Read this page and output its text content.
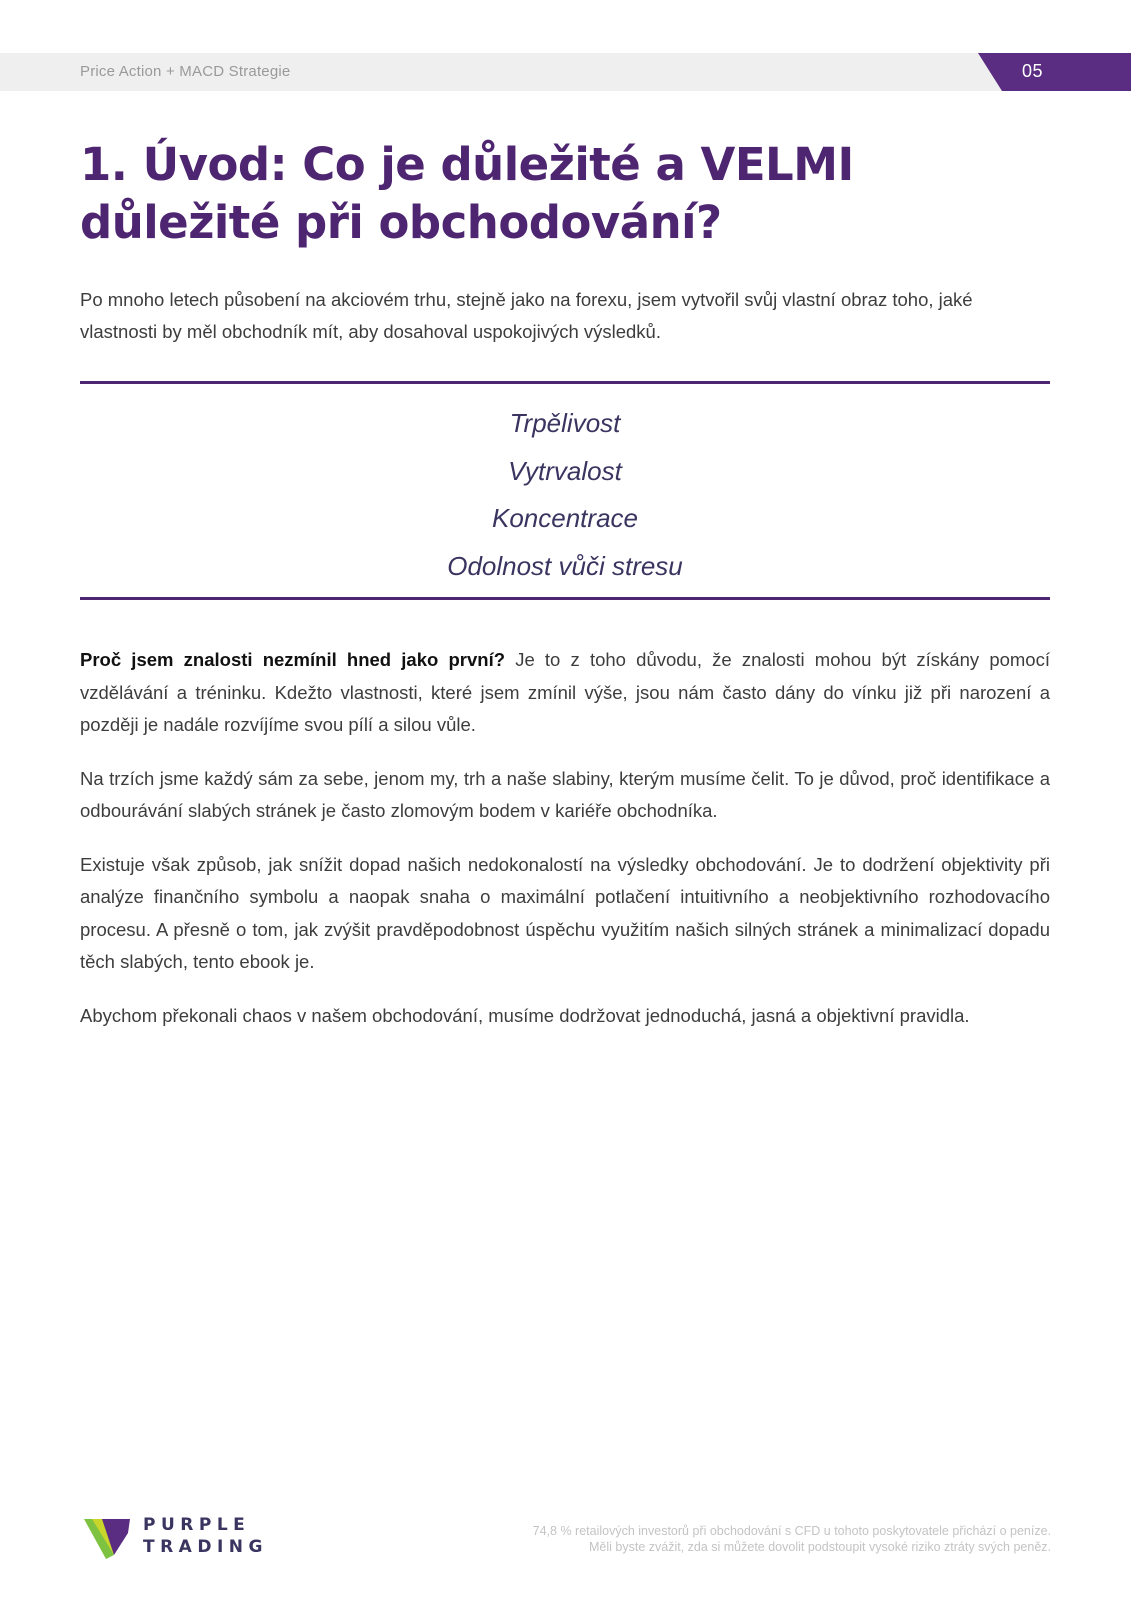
Price Action + MACD Strategie	05
1. Úvod: Co je důležité a VELMI důležité při obchodování?

Po mnoho letech působení na akciovém trhu, stejně jako na forexu, jsem vytvořil svůj vlastní obraz toho, jaké vlastnosti by měl obchodník mít, aby dosahoval uspokojivých výsledků.

Trpělivost
Vytrvalost
Koncentrace
Odolnost vůči stresu

Proč jsem znalosti nezmínil hned jako první? Je to z toho důvodu, že znalosti mohou být získány pomocí vzdělávání a tréninku. Kdežto vlastnosti, které jsem zmínil výše, jsou nám často dány do vínku již při narození a později je nadále rozvíjíme svou pílí a silou vůle.

Na trzích jsme každý sám za sebe, jenom my, trh a naše slabiny, kterým musíme čelit. To je důvod, proč identifikace a odbourávání slabých stránek je často zlomovým bodem v kariéře obchodníka.

Existuje však způsob, jak snížit dopad našich nedokonalostí na výsledky obchodování. Je to dodržení objektivity při analýze finančního symbolu a naopak snaha o maximální potlačení intuitivního a neobjektivního rozhodovacího procesu. A přesně o tom, jak zvýšit pravděpodobnost úspěchu využitím našich silných stránek a minimalizací dopadu těch slabých, tento ebook je.

Abychom překonali chaos v našem obchodování, musíme dodržovat jednoduchá, jasná a objektivní pravidla.

PURPLE
TRADING
74,8 % retailových investorů při obchodování s CFD u tohoto poskytovatele přichází o peníze.
Měli byste zvážit, zda si můžete dovolit podstoupit vysoké riziko ztráty svých peněz.
